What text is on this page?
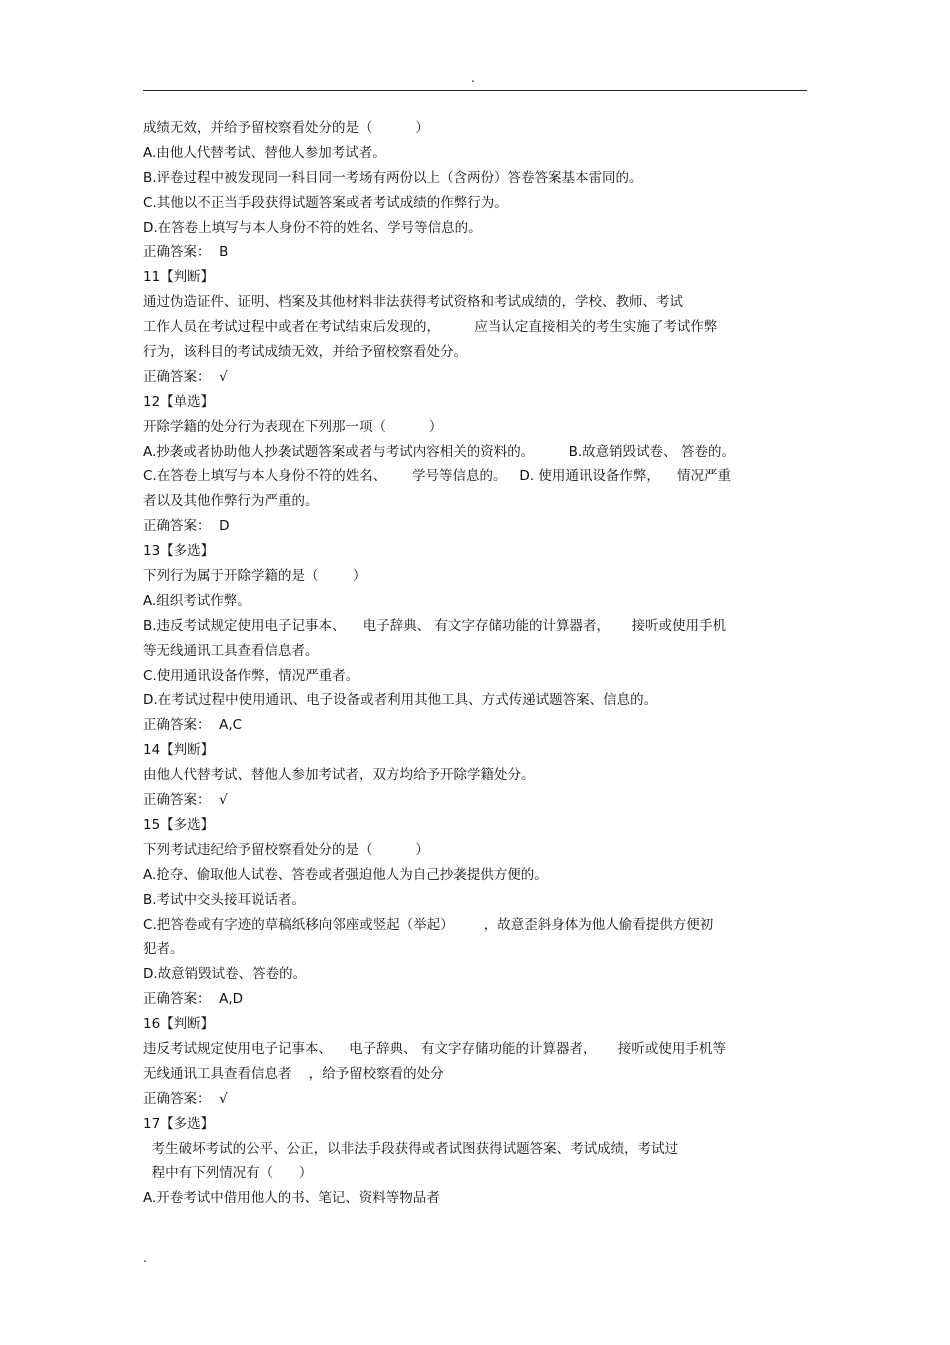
.
成绩无效，并给予留校察看处分的是（          ）
A.由他人代替考试、替他人参加考试者。
B.评卷过程中被发现同一科目同一考场有两份以上（含两份）答卷答案基本雷同的。
C.其他以不正当手段获得试题答案或者考试成绩的作弊行为。
D.在答卷上填写与本人身份不符的姓名、学号等信息的。
正确答案：  B
11【判断】
通过伪造证件、证明、档案及其他材料非法获得考试资格和考试成绩的，学校、教师、考试
工作人员在考试过程中或者在考试结束后发现的，        应当认定直接相关的考生实施了考试作弊
行为，该科目的考试成绩无效，并给予留校察看处分。
正确答案：  √
12【单选】
开除学籍的处分行为表现在下列那一项（          ）
A.抄袭或者协助他人抄袭试题答案或者与考试内容相关的资料的。        B.故意销毁试卷、 答卷的。
C.在答卷上填写与本人身份不符的姓名、      学号等信息的。   D. 使用通讯设备作弊，    情况严重
者以及其他作弊行为严重的。
正确答案：  D
13【多选】
下列行为属于开除学籍的是（        ）
A.组织考试作弊。
B.违反考试规定使用电子记事本、    电子辞典、 有文字存储功能的计算器者，     接听或使用手机
等无线通讯工具查看信息者。
C.使用通讯设备作弊，情况严重者。
D.在考试过程中使用通讯、电子设备或者利用其他工具、方式传递试题答案、信息的。
正确答案：  A,C
14【判断】
由他人代替考试、替他人参加考试者，双方均给予开除学籍处分。
正确答案：  √
15【多选】
下列考试违纪给予留校察看处分的是（          ）
A.抢夺、偷取他人试卷、答卷或者强迫他人为自己抄袭提供方便的。
B.考试中交头接耳说话者。
C.把答卷或有字迹的草稿纸移向邻座或竖起（举起）       ，故意歪斜身体为他人偷看提供方便初
犯者。
D.故意销毁试卷、答卷的。
正确答案：  A,D
16【判断】
违反考试规定使用电子记事本、    电子辞典、 有文字存储功能的计算器者，     接听或使用手机等
无线通讯工具查看信息者    ，给予留校察看的处分
正确答案：  √
17【多选】
考生破坏考试的公平、公正，以非法手段获得或者试图获得试题答案、考试成绩，考试过
程中有下列情况有（      ）
A.开卷考试中借用他人的书、笔记、资料等物品者
.
